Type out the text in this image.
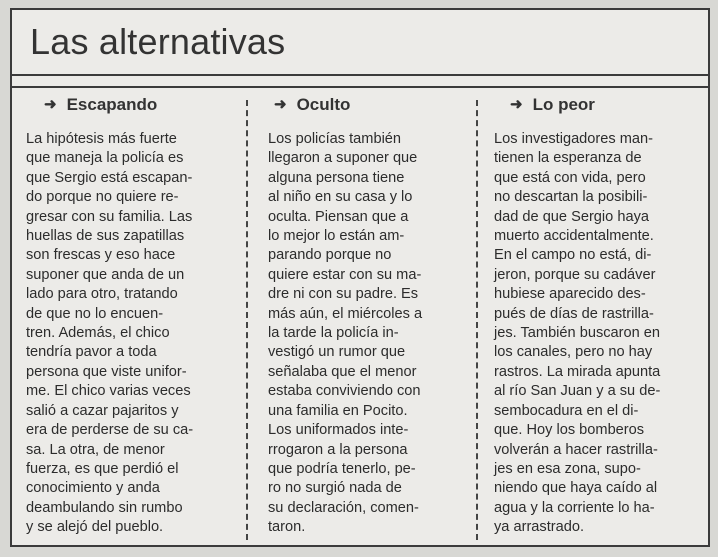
Las alternativas
➜ Escapando
La hipótesis más fuerte
que maneja la policía es
que Sergio está escapan-
do porque no quiere re-
gresar con su familia. Las
huellas de sus zapatillas
son frescas y eso hace
suponer que anda de un
lado para otro, tratando
de que no lo encuen-
tren. Además, el chico
tendría pavor a toda
persona que viste unifor-
me. El chico varias veces
salió a cazar pajaritos y
era de perderse de su ca-
sa. La otra, de menor
fuerza, es que perdió el
conocimiento y anda
deambulando sin rumbo
y se alejó del pueblo.
➜ Oculto
Los policías también
llegaron a suponer que
alguna persona tiene
al niño en su casa y lo
oculta. Piensan que a
lo mejor lo están am-
parando porque no
quiere estar con su ma-
dre ni con su padre. Es
más aún, el miércoles a
la tarde la policía in-
vestigó un rumor que
señalaba que el menor
estaba conviviendo con
una familia en Pocito.
Los uniformados inte-
rrogaron a la persona
que podría tenerlo, pe-
ro no surgió nada de
su declaración, comen-
taron.
➜ Lo peor
Los investigadores man-
tienen la esperanza de
que está con vida, pero
no descartan la posibili-
dad de que Sergio haya
muerto accidentalmente.
En el campo no está, di-
jeron, porque su cadáver
hubiese aparecido des-
pués de días de rastrilla-
jes. También buscaron en
los canales, pero no hay
rastros. La mirada apunta
al río San Juan y a su de-
sembocadura en el di-
que. Hoy los bomberos
volverán a hacer rastrilla-
jes en esa zona, supo-
niendo que haya caído al
agua y la corriente lo ha-
ya arrastrado.
